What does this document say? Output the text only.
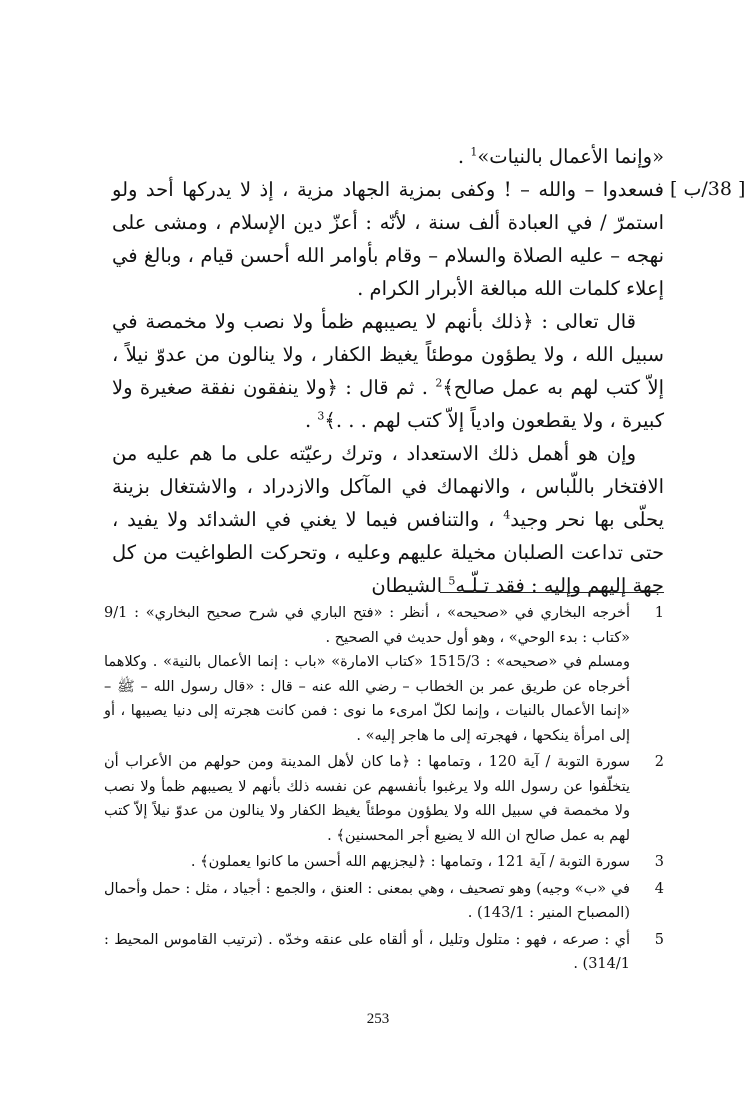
[ 38/ب ]

«وإنما الأعمال بالنيات»$^1$ .

فسعدوا – والله – ! وكفى بمزية الجهاد مزية ، إذ لا يدركها أحد ولو استمرّ / في العبادة ألف سنة ، لأنّه : أعزّ دين الإسلام ، ومشى على نهجه – عليه الصلاة والسلام – وقام بأوامر الله أحسن قيام ، وبالغ في إعلاء كلمات الله مبالغة الأبرار الكرام .

قال تعالى : ﴿ذلك بأنهم لا يصيبهم ظمأ ولا نصب ولا مخمصة في سبيل الله ، ولا يطؤون موطئاً يغيظ الكفار ، ولا ينالون من عدوّ نيلاً ، إلاّ كتب لهم به عمل صالح﴾$^2$ . ثم قال : ﴿ولا ينفقون نفقة صغيرة ولا كبيرة ، ولا يقطعون وادياً إلاّ كتب لهم . . .﴾$^3$ .

وإن هو أهمل ذلك الاستعداد ، وترك رعيّته على ما هم عليه من الافتخار باللّباس ، والانهماك في المآكل والازدراد ، والاشتغال بزينة يحلّى بها نحر وجيد$^4$ ، والتنافس فيما لا يغني في الشدائد ولا يفيد ، حتى تداعت الصلبان مخيلة عليهم وعليه ، وتحركت الطواغيت من كل جهة إليهم وإليه : فقد تـلّـه$^5$ الشيطان

1
أخرجه البخاري في «صحيحه» ، أنظر : «فتح الباري في شرح صحيح البخاري» : 9/1 «كتاب : بدء الوحي» ، وهو أول حديث في الصحيح .
ومسلم في «صحيحه» : 1515/3 «كتاب الامارة» «باب : إنما الأعمال بالنية» . وكلاهما أخرجاه عن طريق عمر بن الخطاب – رضي الله عنه – قال : «قال رسول الله – ﷺ – «إنما الأعمال بالنيات ، وإنما لكلّ امرىء ما نوى : فمن كانت هجرته إلى دنيا يصيبها ، أو إلى امرأة ينكحها ، فهجرته إلى ما هاجر إليه» .
2
سورة التوبة / آية 120 ، وتمامها : ﴿ما كان لأهل المدينة ومن حولهم من الأعراب أن يتخلّفوا عن رسول الله ولا يرغبوا بأنفسهم عن نفسه ذلك بأنهم لا يصيبهم ظمأ ولا نصب ولا مخمصة في سبيل الله ولا يطؤون موطئاً يغيظ الكفار ولا ينالون من عدوّ نيلاً إلاّ كتب لهم به عمل صالح ان الله لا يضيع أجر المحسنين﴾ .
3
سورة التوبة / آية 121 ، وتمامها : ﴿ليجزيهم الله أحسن ما كانوا يعملون﴾ .
4
في «ب» وجيه) وهو تصحيف ، وهي بمعنى : العنق ، والجمع : أجياد ، مثل : حمل وأحمال (المصباح المنير : 143/1) .
5
أي : صرعه ، فهو : متلول وتليل ، أو ألقاه على عنقه وخدّه . (ترتيب القاموس المحيط : 314/1) .
253
